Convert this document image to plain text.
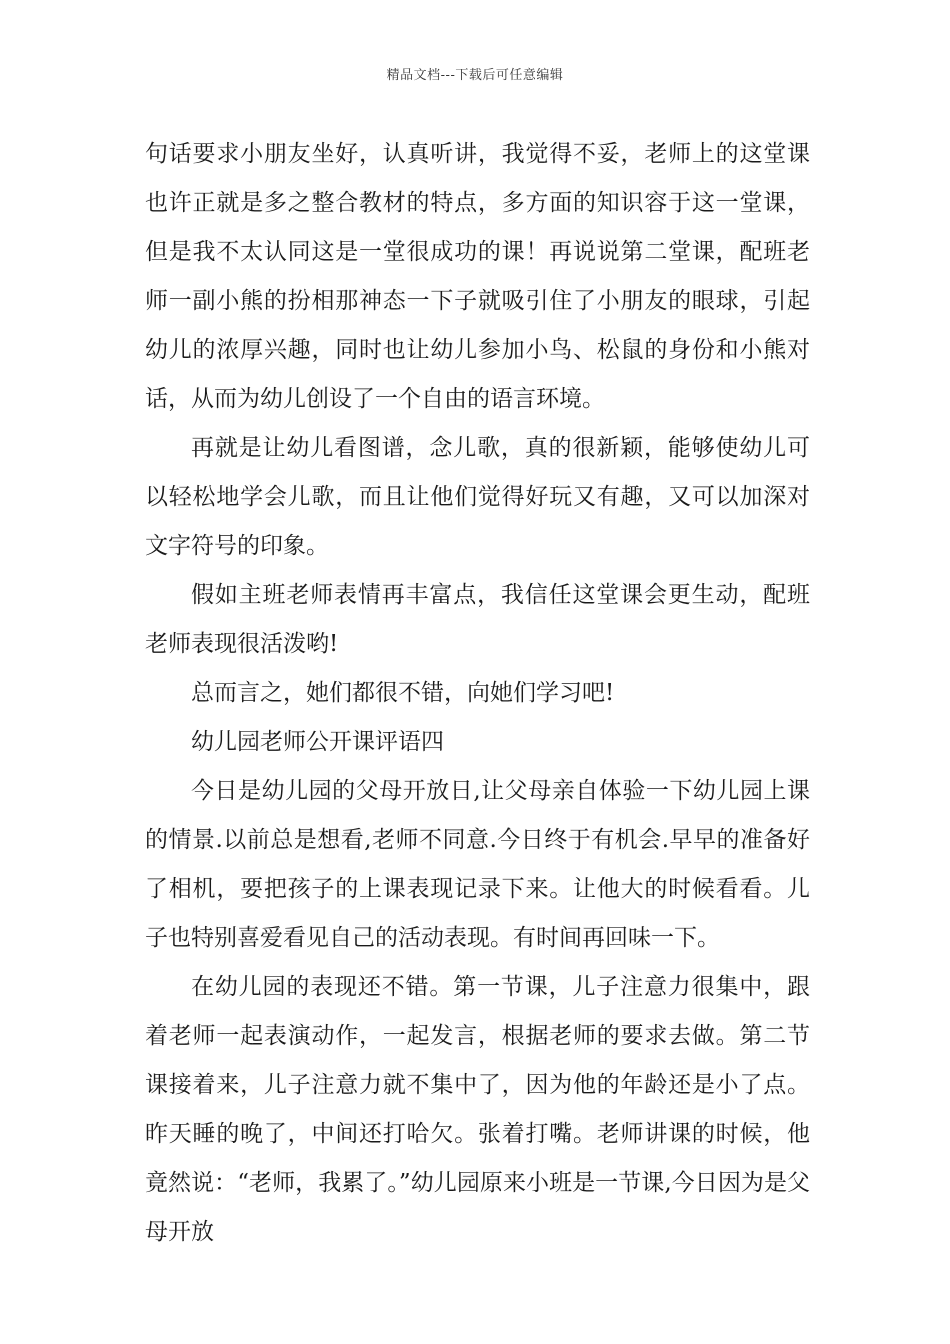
精品文档---下载后可任意编辑

句话要求小朋友坐好，认真听讲，我觉得不妥，老师上的这堂课也许正就是多之整合教材的特点，多方面的知识容于这一堂课，但是我不太认同这是一堂很成功的课！再说说第二堂课，配班老师一副小熊的扮相那神态一下子就吸引住了小朋友的眼球，引起幼儿的浓厚兴趣，同时也让幼儿参加小鸟、松鼠的身份和小熊对话，从而为幼儿创设了一个自由的语言环境。

再就是让幼儿看图谱，念儿歌，真的很新颖，能够使幼儿可以轻松地学会儿歌，而且让他们觉得好玩又有趣，又可以加深对文字符号的印象。

假如主班老师表情再丰富点，我信任这堂课会更生动，配班老师表现很活泼哟!

总而言之，她们都很不错，向她们学习吧!

幼儿园老师公开课评语四

今日是幼儿园的父母开放日,让父母亲自体验一下幼儿园上课的情景.以前总是想看,老师不同意.今日终于有机会.早早的准备好了相机，要把孩子的上课表现记录下来。让他大的时候看看。儿子也特别喜爱看见自己的活动表现。有时间再回味一下。

在幼儿园的表现还不错。第一节课，儿子注意力很集中，跟着老师一起表演动作，一起发言，根据老师的要求去做。第二节课接着来，儿子注意力就不集中了，因为他的年龄还是小了点。昨天睡的晚了，中间还打哈欠。张着打嘴。老师讲课的时候，他竟然说：“老师，我累了。”幼儿园原来小班是一节课,今日因为是父母开放
